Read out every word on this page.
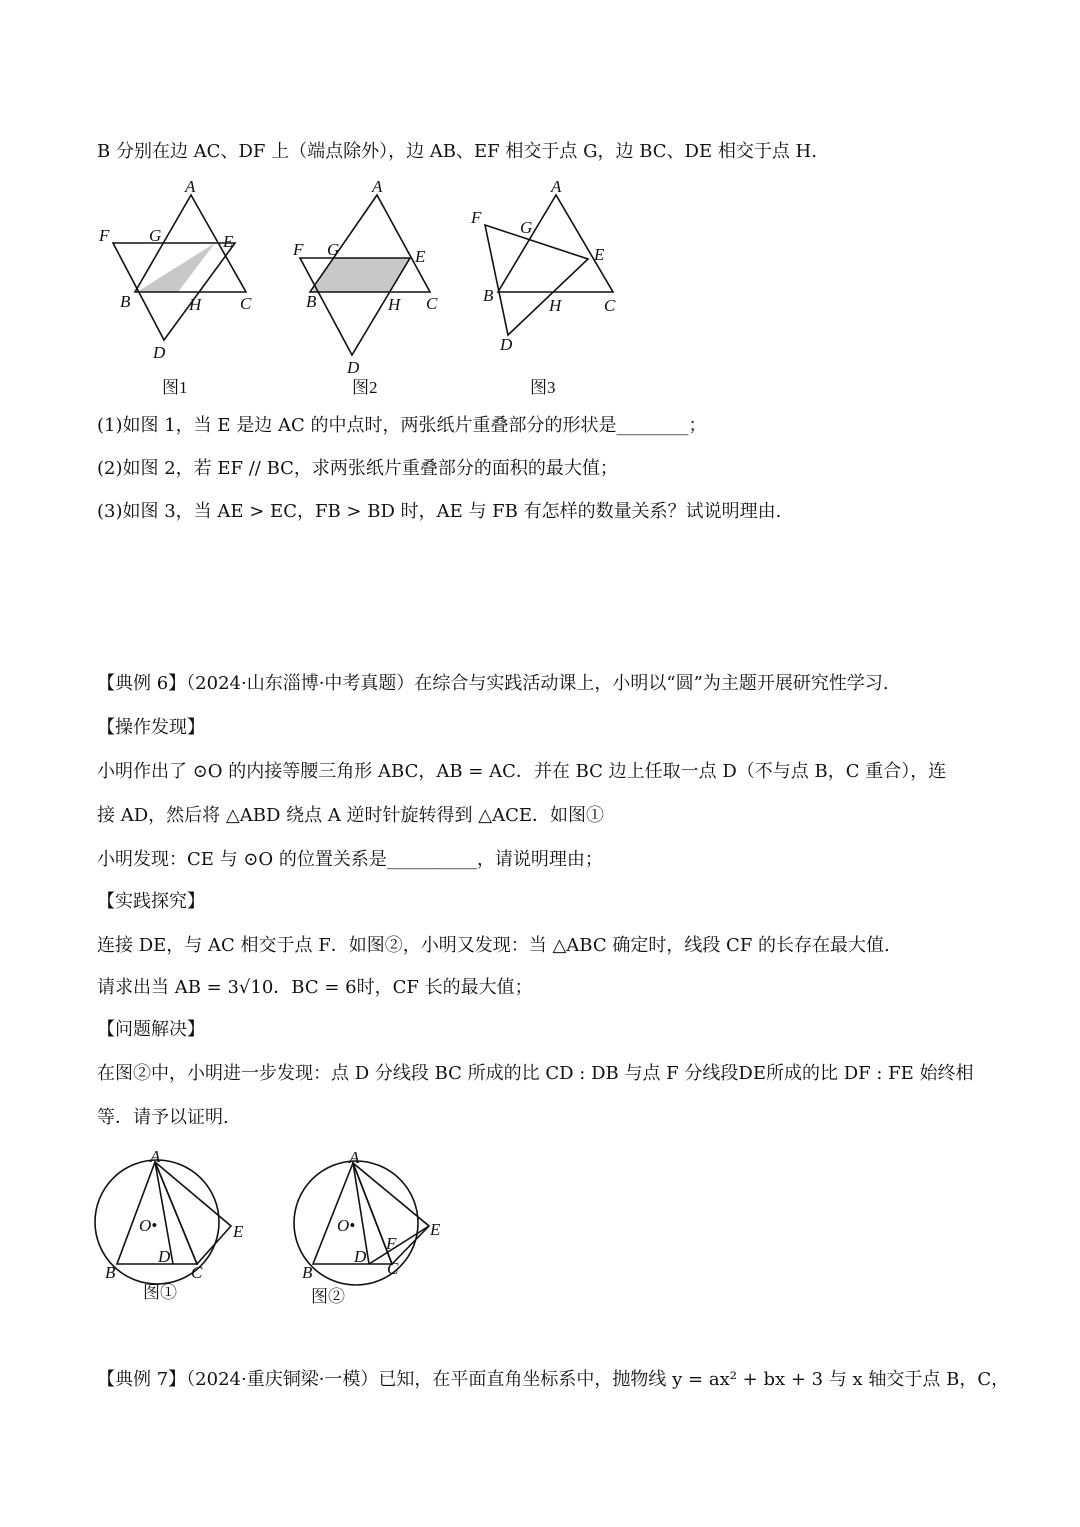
B 分别在边 AC、DF 上（端点除外），边 AB、EF 相交于点 G，边 BC、DE 相交于点 H.
A
F G	E
B	H C
D
图1
A
F G	E
B	H C
D
图2
A
F
G
E
B
H	C
D
图3
(1)如图 1，当 E 是边 AC 的中点时，两张纸片重叠部分的形状是________；
(2)如图 2，若 EF // BC，求两张纸片重叠部分的面积的最大值；
(3)如图 3，当 AE > EC，FB > BD 时，AE 与 FB 有怎样的数量关系？试说明理由.
【典例 6】（2024·山东淄博·中考真题）在综合与实践活动课上，小明以“圆”为主题开展研究性学习.
【操作发现】
小明作出了 ⊙O 的内接等腰三角形 ABC，AB = AC．并在 BC 边上任取一点 D（不与点 B，C 重合），连
接 AD，然后将 △ABD 绕点 A 逆时针旋转得到 △ACE．如图①
小明发现：CE 与 ⊙O 的位置关系是__________，请说明理由；
【实践探究】
连接 DE，与 AC 相交于点 F．如图②，小明又发现：当 △ABC 确定时，线段 CF 的长存在最大值.
请求出当 AB = 3√10．BC = 6时，CF 长的最大值；
【问题解决】
在图②中，小明进一步发现：点 D 分线段 BC 所成的比 CD : DB 与点 F 分线段DE所成的比 DF : FE 始终相
等．请予以证明.
A
O•	E
D
B	C
图①
A
O•	E
F
D
B	C
图②
【典例 7】（2024·重庆铜梁·一模）已知，在平面直角坐标系中，抛物线 y = ax² + bx + 3 与 x 轴交于点 B，C，
